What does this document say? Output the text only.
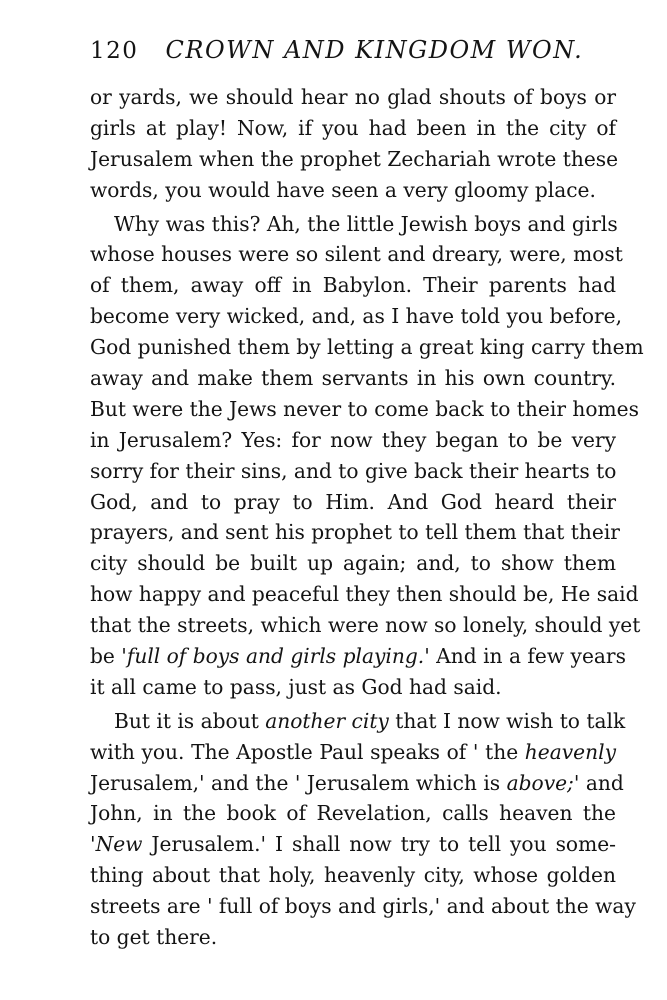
120 CROWN AND KINGDOM WON.
or yards, we should hear no glad shouts of boys or
girls at play! Now, if you had been in the city of
Jerusalem when the prophet Zechariah wrote these
words, you would have seen a very gloomy place.
Why was this? Ah, the little Jewish boys and girls
whose houses were so silent and dreary, were, most
of them, away off in Babylon. Their parents had
become very wicked, and, as I have told you before,
God punished them by letting a great king carry them
away and make them servants in his own country.
But were the Jews never to come back to their homes
in Jerusalem? Yes: for now they began to be very
sorry for their sins, and to give back their hearts to
God, and to pray to Him. And God heard their
prayers, and sent his prophet to tell them that their
city should be built up again; and, to show them
how happy and peaceful they then should be, He said
that the streets, which were now so lonely, should yet
be 'full of boys and girls playing.' And in a few years
it all came to pass, just as God had said.
But it is about another city that I now wish to talk
with you. The Apostle Paul speaks of ' the heavenly
Jerusalem,' and the ' Jerusalem which is above;' and
John, in the book of Revelation, calls heaven the
'New Jerusalem.' I shall now try to tell you some-
thing about that holy, heavenly city, whose golden
streets are ' full of boys and girls,' and about the way
to get there.
